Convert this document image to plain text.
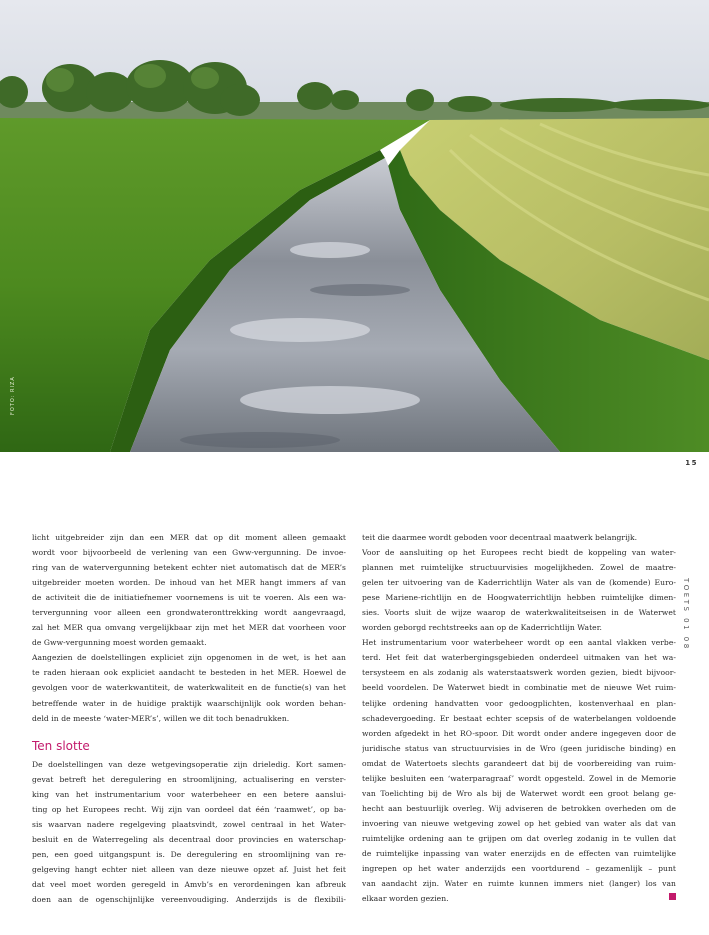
FOTO: RIZA
15
TOETS 01 08
licht uitgebreider zijn dan een MER dat op dit moment alleen gemaakt
wordt voor bijvoorbeeld de verlening van een Gww-vergunning. De invoe-
ring van de watervergunning betekent echter niet automatisch dat de MER’s
uitgebreider moeten worden. De inhoud van het MER hangt immers af van
de activiteit die de initiatiefnemer voornemens is uit te voeren. Als een wa-
tervergunning voor alleen een grondwateronttrekking wordt aangevraagd,
zal het MER qua omvang vergelijkbaar zijn met het MER dat voorheen voor
de Gww-vergunning moest worden gemaakt.
Aangezien de doelstellingen expliciet zijn opgenomen in de wet, is het aan
te raden hieraan ook expliciet aandacht te besteden in het MER. Hoewel de
gevolgen voor de waterkwantiteit, de waterkwaliteit en de functie(s) van het
betreffende water in de huidige praktijk waarschijnlijk ook worden behan-
deld in de meeste ‘water-MER’s’, willen we dit toch benadrukken.
Ten slotte
De doelstellingen van deze wetgevingsoperatie zijn drieledig. Kort samen-
gevat betreft het deregulering en stroomlijning, actualisering en verster-
king van het instrumentarium voor waterbeheer en een betere aanslui-
ting op het Europees recht. Wij zijn van oordeel dat één ‘raamwet’, op ba-
sis waarvan nadere regelgeving plaatsvindt, zowel centraal in het Water-
besluit en de Waterregeling als decentraal door provincies en waterschap-
pen, een goed uitgangspunt is. De deregulering en stroomlijning van re-
gelgeving hangt echter niet alleen van deze nieuwe opzet af. Juist het feit
dat veel moet worden geregeld in Amvb’s en verordeningen kan afbreuk
doen aan de ogenschijnlijke vereenvoudiging. Anderzijds is de flexibili-
teit die daarmee wordt geboden voor decentraal maatwerk belangrijk.
Voor de aansluiting op het Europees recht biedt de koppeling van water-
plannen met ruimtelijke structuurvisies mogelijkheden. Zowel de maatre-
gelen ter uitvoering van de Kaderrichtlijn Water als van de (komende) Euro-
pese Mariene-richtlijn en de Hoogwaterrichtlijn hebben ruimtelijke dimen-
sies. Voorts sluit de wijze waarop de waterkwaliteitseisen in de Waterwet
worden geborgd rechtstreeks aan op de Kaderrichtlijn Water.
Het instrumentarium voor waterbeheer wordt op een aantal vlakken verbe-
terd. Het feit dat waterbergingsgebieden onderdeel uitmaken van het wa-
tersysteem en als zodanig als waterstaatswerk worden gezien, biedt bijvoor-
beeld voordelen. De Waterwet biedt in combinatie met de nieuwe Wet ruim-
telijke ordening handvatten voor gedoogplichten, kostenverhaal en plan-
schadevergoeding. Er bestaat echter scepsis of de waterbelangen voldoende
worden afgedekt in het RO-spoor. Dit wordt onder andere ingegeven door de
juridische status van structuurvisies in de Wro (geen juridische binding) en
omdat de Watertoets slechts garandeert dat bij de voorbereiding van ruim-
telijke besluiten een ‘waterparagraaf’ wordt opgesteld. Zowel in de Memorie
van Toelichting bij de Wro als bij de Waterwet wordt een groot belang ge-
hecht aan bestuurlijk overleg. Wij adviseren de betrokken overheden om de
invoering van nieuwe wetgeving zowel op het gebied van water als dat van
ruimtelijke ordening aan te grijpen om dat overleg zodanig in te vullen dat
de ruimtelijke inpassing van water enerzijds en de effecten van ruimtelijke
ingrepen op het water anderzijds een voortdurend – gezamenlijk – punt
van aandacht zijn. Water en ruimte kunnen immers niet (langer) los van
elkaar worden gezien.
